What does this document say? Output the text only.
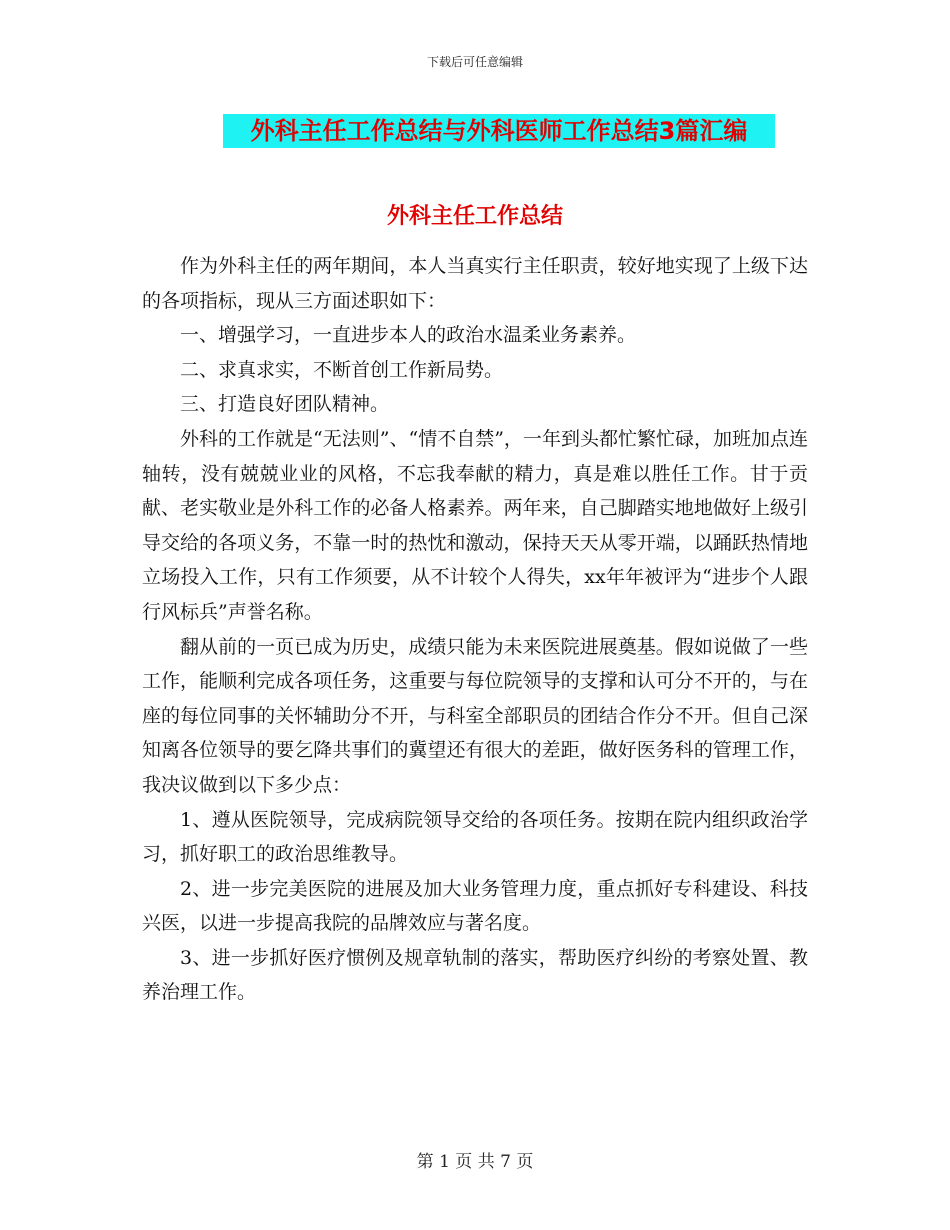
下载后可任意编辑
外科主任工作总结与外科医师工作总结3篇汇编
外科主任工作总结

作为外科主任的两年期间，本人当真实行主任职责，较好地实现了上级下达的各项指标，现从三方面述职如下：

一、增强学习，一直进步本人的政治水温柔业务素养。

二、求真求实，不断首创工作新局势。

三、打造良好团队精神。

外科的工作就是“无法则”、“情不自禁”，一年到头都忙繁忙碌，加班加点连轴转，没有兢兢业业的风格，不忘我奉献的精力，真是难以胜任工作。甘于贡献、老实敬业是外科工作的必备人格素养。两年来，自己脚踏实地地做好上级引导交给的各项义务，不靠一时的热忱和激动，保持天天从零开端，以踊跃热情地立场投入工作，只有工作须要，从不计较个人得失，xx年年被评为“进步个人跟行风标兵”声誉名称。

翻从前的一页已成为历史，成绩只能为未来医院进展奠基。假如说做了一些工作，能顺利完成各项任务，这重要与每位院领导的支撑和认可分不开的，与在座的每位同事的关怀辅助分不开，与科室全部职员的团结合作分不开。但自己深知离各位领导的要乞降共事们的冀望还有很大的差距，做好医务科的管理工作，我决议做到以下多少点：

1、遵从医院领导，完成病院领导交给的各项任务。按期在院内组织政治学习，抓好职工的政治思维教导。

2、进一步完美医院的进展及加大业务管理力度，重点抓好专科建设、科技兴医，以进一步提高我院的品牌效应与著名度。

3、进一步抓好医疗惯例及规章轨制的落实，帮助医疗纠纷的考察处置、教养治理工作。

第 1 页 共 7 页
